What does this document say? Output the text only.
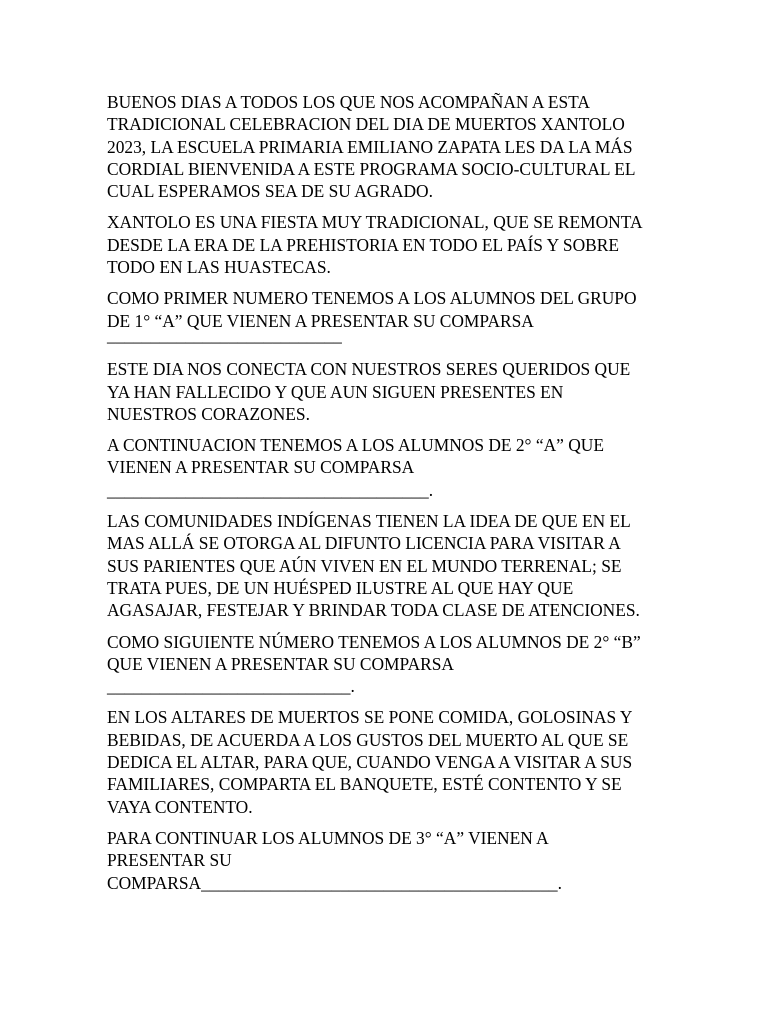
BUENOS DIAS A TODOS LOS QUE NOS ACOMPAÑAN A ESTA
TRADICIONAL CELEBRACION DEL DIA DE MUERTOS XANTOLO
2023, LA ESCUELA PRIMARIA EMILIANO ZAPATA LES DA LA MÁS
CORDIAL BIENVENIDA A ESTE PROGRAMA SOCIO-CULTURAL EL
CUAL ESPERAMOS SEA DE SU AGRADO.

XANTOLO ES UNA FIESTA MUY TRADICIONAL, QUE SE REMONTA
DESDE LA ERA DE LA PREHISTORIA EN TODO EL PAÍS Y SOBRE
TODO EN LAS HUASTECAS.

COMO PRIMER NUMERO TENEMOS A LOS ALUMNOS DEL GRUPO
DE 1° “A” QUE VIENEN A PRESENTAR SU COMPARSA

___________________________

ESTE DIA NOS CONECTA CON NUESTROS SERES QUERIDOS QUE
YA HAN FALLECIDO Y QUE AUN SIGUEN PRESENTES EN
NUESTROS CORAZONES.

A CONTINUACION TENEMOS A LOS ALUMNOS DE 2° “A” QUE
VIENEN A PRESENTAR SU COMPARSA
_____________________________________.

LAS COMUNIDADES INDÍGENAS TIENEN LA IDEA DE QUE EN EL
MAS ALLÁ SE OTORGA AL DIFUNTO LICENCIA PARA VISITAR A
SUS PARIENTES QUE AÚN VIVEN EN EL MUNDO TERRENAL; SE
TRATA PUES, DE UN HUÉSPED ILUSTRE AL QUE HAY QUE
AGASAJAR, FESTEJAR Y BRINDAR TODA CLASE DE ATENCIONES.

COMO SIGUIENTE NÚMERO TENEMOS A LOS ALUMNOS DE 2° “B”
QUE VIENEN A PRESENTAR SU COMPARSA
____________________________.

EN LOS ALTARES DE MUERTOS SE PONE COMIDA, GOLOSINAS Y
BEBIDAS, DE ACUERDA A LOS GUSTOS DEL MUERTO AL QUE SE
DEDICA EL ALTAR, PARA QUE, CUANDO VENGA A VISITAR A SUS
FAMILIARES, COMPARTA EL BANQUETE, ESTÉ CONTENTO Y SE
VAYA CONTENTO.

PARA CONTINUAR LOS ALUMNOS DE 3° “A” VIENEN A
PRESENTAR SU
COMPARSA_________________________________________.
